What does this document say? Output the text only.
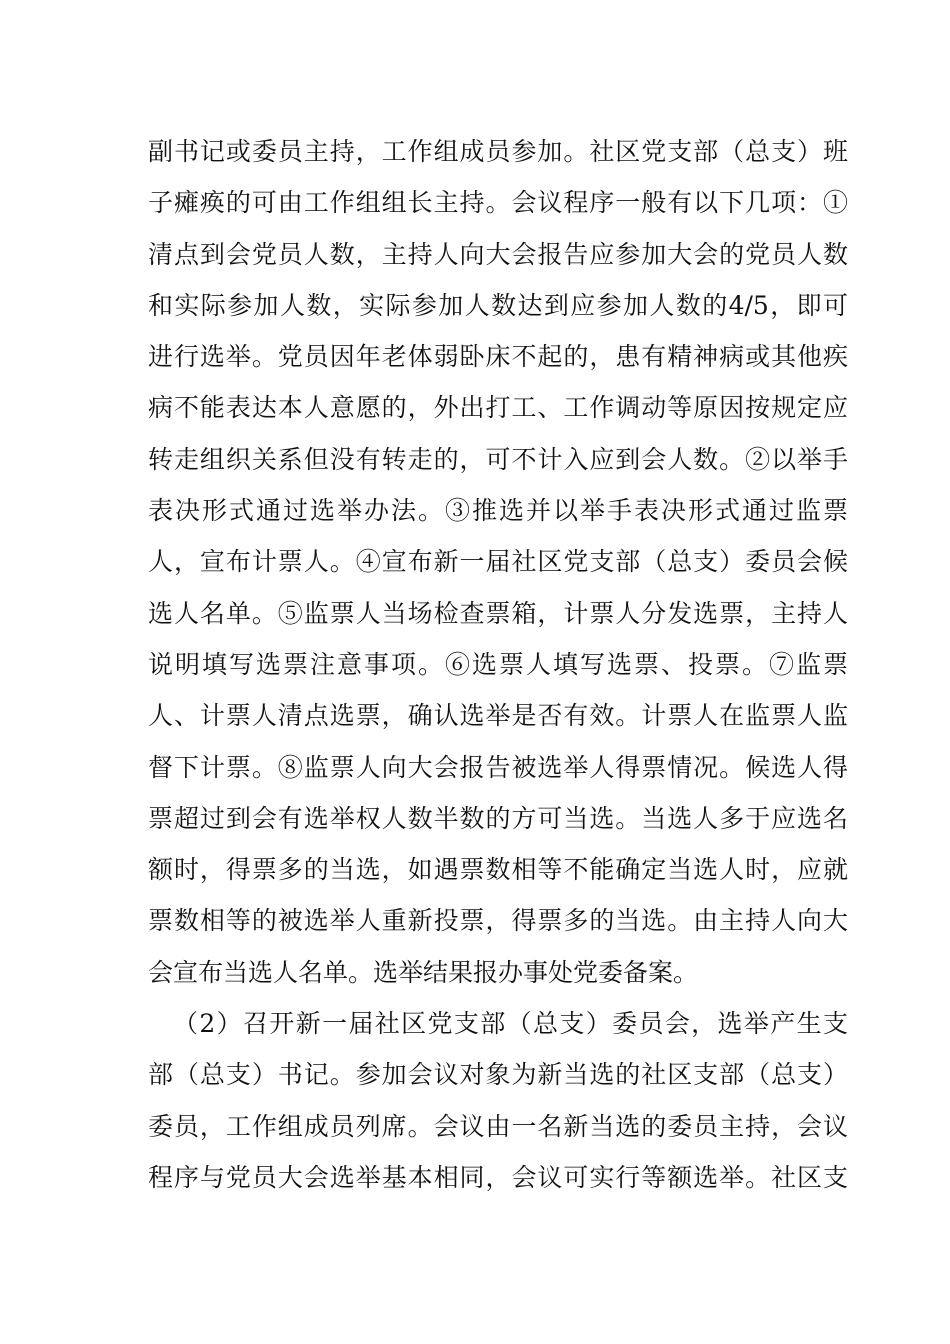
副书记或委员主持，工作组成员参加。社区党支部（总支）班
子瘫痪的可由工作组组长主持。会议程序一般有以下几项：①
清点到会党员人数，主持人向大会报告应参加大会的党员人数
和实际参加人数，实际参加人数达到应参加人数的4/5，即可
进行选举。党员因年老体弱卧床不起的，患有精神病或其他疾
病不能表达本人意愿的，外出打工、工作调动等原因按规定应
转走组织关系但没有转走的，可不计入应到会人数。②以举手
表决形式通过选举办法。③推选并以举手表决形式通过监票
人，宣布计票人。④宣布新一届社区党支部（总支）委员会候
选人名单。⑤监票人当场检查票箱，计票人分发选票，主持人
说明填写选票注意事项。⑥选票人填写选票、投票。⑦监票
人、计票人清点选票，确认选举是否有效。计票人在监票人监
督下计票。⑧监票人向大会报告被选举人得票情况。候选人得
票超过到会有选举权人数半数的方可当选。当选人多于应选名
额时，得票多的当选，如遇票数相等不能确定当选人时，应就
票数相等的被选举人重新投票，得票多的当选。由主持人向大
会宣布当选人名单。选举结果报办事处党委备案。
（2）召开新一届社区党支部（总支）委员会，选举产生支
部（总支）书记。参加会议对象为新当选的社区支部（总支）
委员，工作组成员列席。会议由一名新当选的委员主持，会议
程序与党员大会选举基本相同，会议可实行等额选举。社区支
